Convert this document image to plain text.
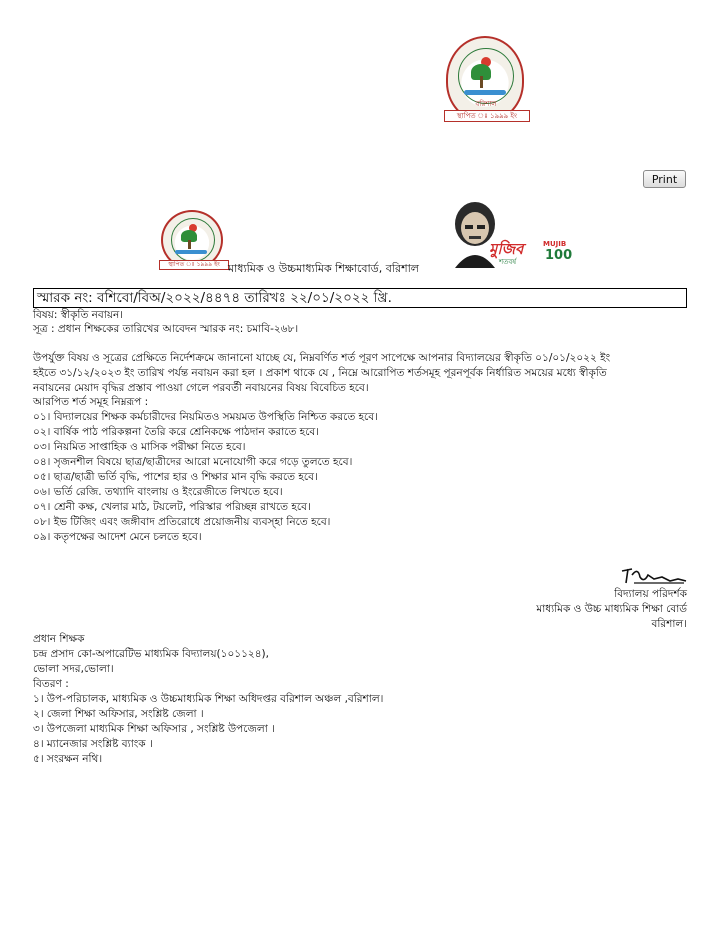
বরিশাল
স্থাপিত ঃ ১৯৯৯ ইং
Print
স্থাপিত ঃ ১৯৯৯ ইং মাধ্যমিক ও উচ্চমাধ্যমিক শিক্ষাবোর্ড, বরিশাল
মুজিব
শতবর্ষ
MUJIB
100
স্মারক নং: বশিবো/বিঅ/২০২২/৪৪৭৪ তারিখঃ ২২/০১/২০২২ খ্রি.
বিষয়: স্বীকৃতি নবায়ন।
সূত্র : প্রধান শিক্ষকের তারিখের আবেদন স্মারক নং: চমাবি-২৬৮।
উপর্যুক্ত বিষয় ও সূত্রের প্রেক্ষিতে নির্দেশক্রমে জানানো যাচ্ছে যে, নিম্নবর্ণিত শর্ত পূরণ সাপেক্ষে আপনার বিদ্যালয়ের স্বীকৃতি ০১/০১/২০২২ ইং
হইতে ৩১/১২/২০২৩ ইং তারিখ পর্যন্ত নবায়ন করা হল । প্রকাশ থাকে যে , নিম্নে আরোপিত শর্তসমূহ পূরনপূর্বক নির্ধারিত সময়ের মধ্যে স্বীকৃতি
নবায়নের মেয়াদ বৃদ্ধির প্রস্তাব পাওয়া গেলে পরবর্তী নবায়নের বিষয় বিবেচিত হবে।
আরপিত শর্ত সমূহ নিম্নরূপ :
০১। বিদ্যালয়ের শিক্ষক কর্মচারীদের নিয়মিতও সময়মত উপস্থিতি নিশ্চিত করতে হবে।
০২। বার্ষিক পাঠ পরিকল্পনা তৈরি করে শ্রেনিকক্ষে পাঠদান করাতে হবে।
০৩। নিয়মিত সাপ্তাহিক ও মাসিক পরীক্ষা নিতে হবে।
০৪। সৃজনশীল বিষয়ে ছাত্র/ছাত্রীদের আরো মনোযোগী করে গড়ে তুলতে হবে।
০৫। ছাত্র/ছাত্রী ভর্তি বৃদ্ধি, পাশের হার ও শিক্ষার মান বৃদ্ধি করতে হবে।
০৬। ভর্তি রেজি. তথ্যাদি বাংলায় ও ইংরেজীতে লিখতে হবে।
০৭। শ্রেনী কক্ষ, খেলার মাঠ, টয়লেট, পরিস্কার পরিচ্ছন্ন রাখতে হবে।
০৮। ইভ টিজিং এবং জঙ্গীবাদ প্রতিরোধে প্রয়োজনীয় ব্যবস্হা নিতে হবে।
০৯। কতৃপক্ষের আদেশ মেনে চলতে হবে।
বিদ্যালয় পরিদর্শক
মাধ্যমিক ও উচ্চ মাধ্যমিক শিক্ষা বোর্ড
বরিশাল।
প্রধান শিক্ষক
চন্দ্র প্রসাদ কো-অপারেটিভ মাধ্যমিক বিদ্যালয়(১০১১২৪),
ভোলা সদর,ভোলা।
বিতরণ :
১। উপ-পরিচালক, মাধ্যমিক ও উচ্চমাধ্যমিক শিক্ষা অধিদপ্তর বরিশাল অঞ্চল ,বরিশাল।
২। জেলা শিক্ষা অফিসার, সংশ্লিষ্ট জেলা ।
৩। উপজেলা মাধ্যমিক শিক্ষা অফিসার , সংশ্লিষ্ট উপজেলা ।
৪। ম্যানেজার সংশ্লিষ্ট ব্যাংক ।
৫। সংরক্ষন নথি।
